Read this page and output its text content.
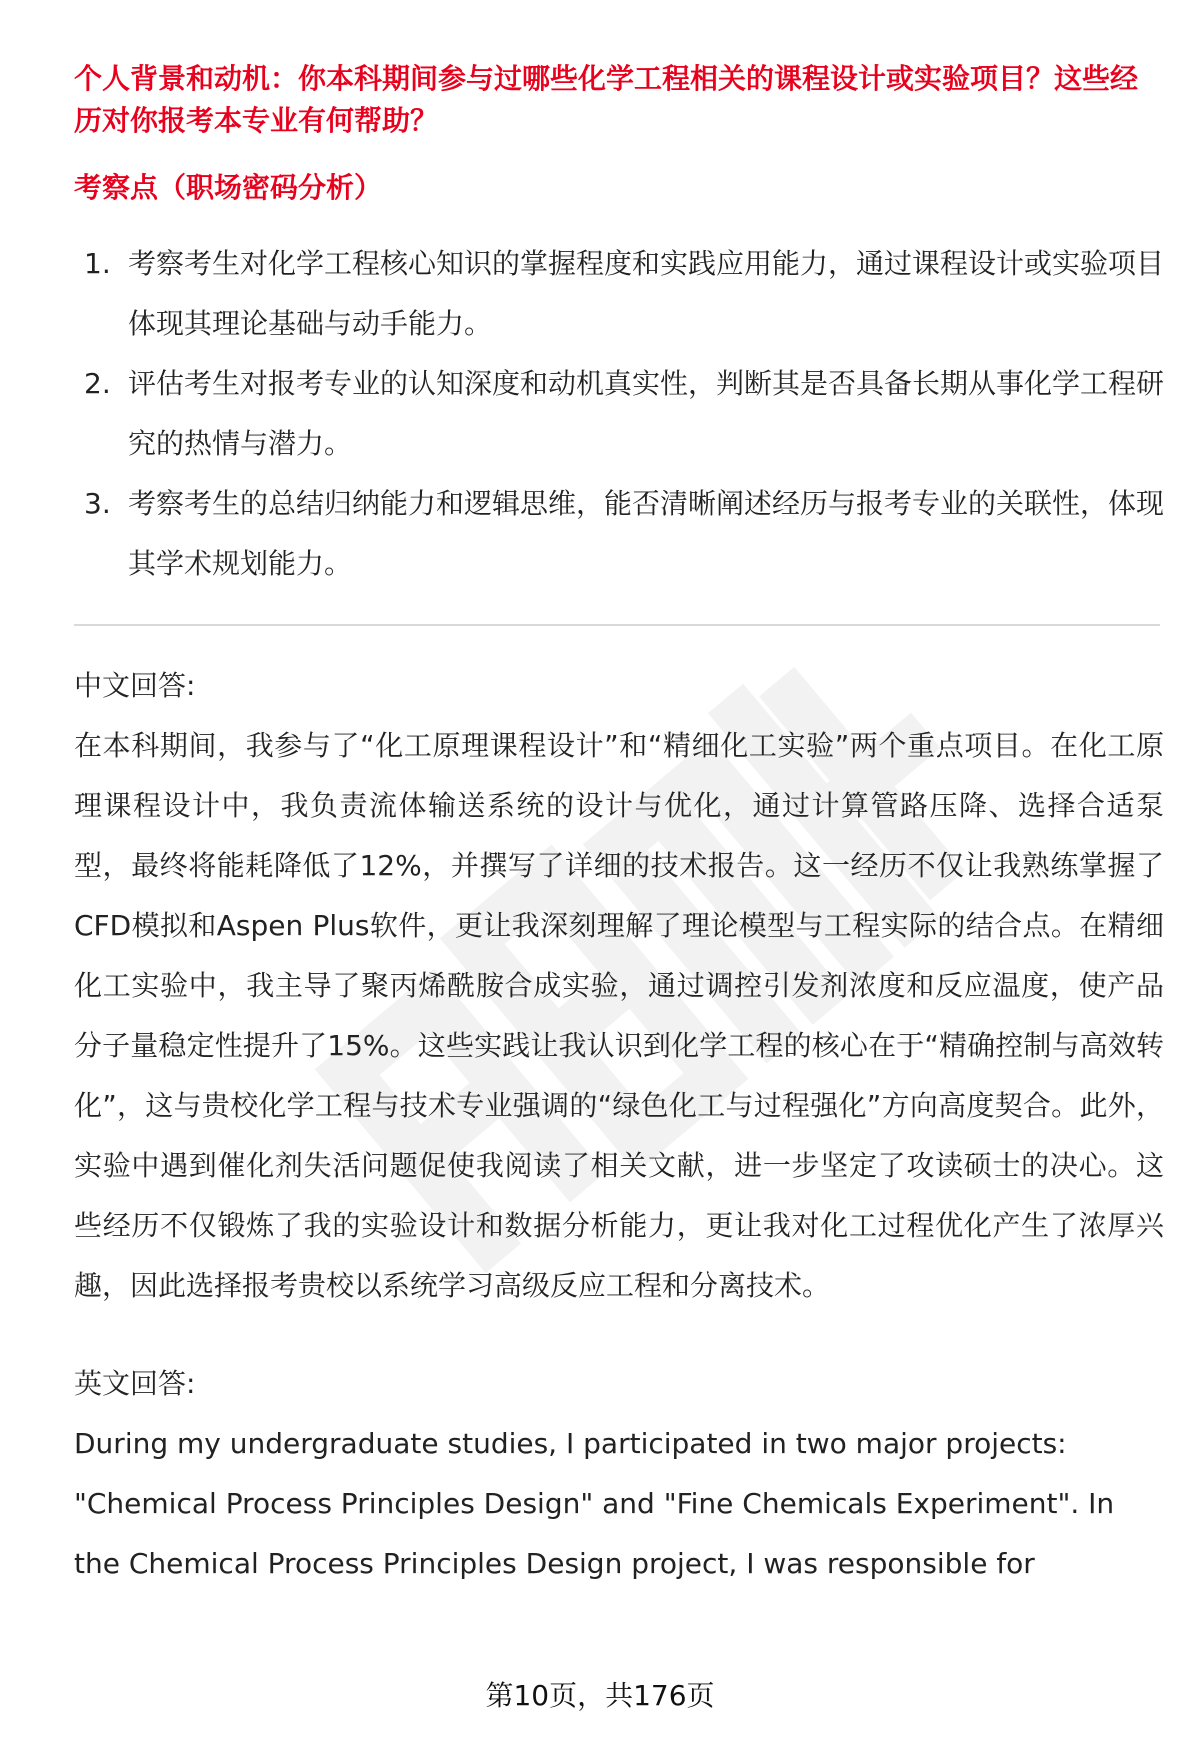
个人背景和动机：你本科期间参与过哪些化学工程相关的课程设计或实验项目？这些经历对你报考本专业有何帮助？

考察点（职场密码分析）

1. 考察考生对化学工程核心知识的掌握程度和实践应用能力，通过课程设计或实验项目体现其理论基础与动手能力。
2. 评估考生对报考专业的认知深度和动机真实性，判断其是否具备长期从事化学工程研究的热情与潜力。
3. 考察考生的总结归纳能力和逻辑思维，能否清晰阐述经历与报考专业的关联性，体现其学术规划能力。

中文回答:

在本科期间，我参与了“化工原理课程设计”和“精细化工实验”两个重点项目。在化工原理课程设计中，我负责流体输送系统的设计与优化，通过计算管路压降、选择合适泵型，最终将能耗降低了12%，并撰写了详细的技术报告。这一经历不仅让我熟练掌握了CFD模拟和Aspen Plus软件，更让我深刻理解了理论模型与工程实际的结合点。在精细化工实验中，我主导了聚丙烯酰胺合成实验，通过调控引发剂浓度和反应温度，使产品分子量稳定性提升了15%。这些实践让我认识到化学工程的核心在于“精确控制与高效转化”，这与贵校化学工程与技术专业强调的“绿色化工与过程强化”方向高度契合。此外，实验中遇到催化剂失活问题促使我阅读了相关文献，进一步坚定了攻读硕士的决心。这些经历不仅锻炼了我的实验设计和数据分析能力，更让我对化工过程优化产生了浓厚兴趣，因此选择报考贵校以系统学习高级反应工程和分离技术。

英文回答:

During my undergraduate studies, I participated in two major projects:

"Chemical Process Principles Design" and "Fine Chemicals Experiment". In

the Chemical Process Principles Design project, I was responsible for

第10页，共176页
